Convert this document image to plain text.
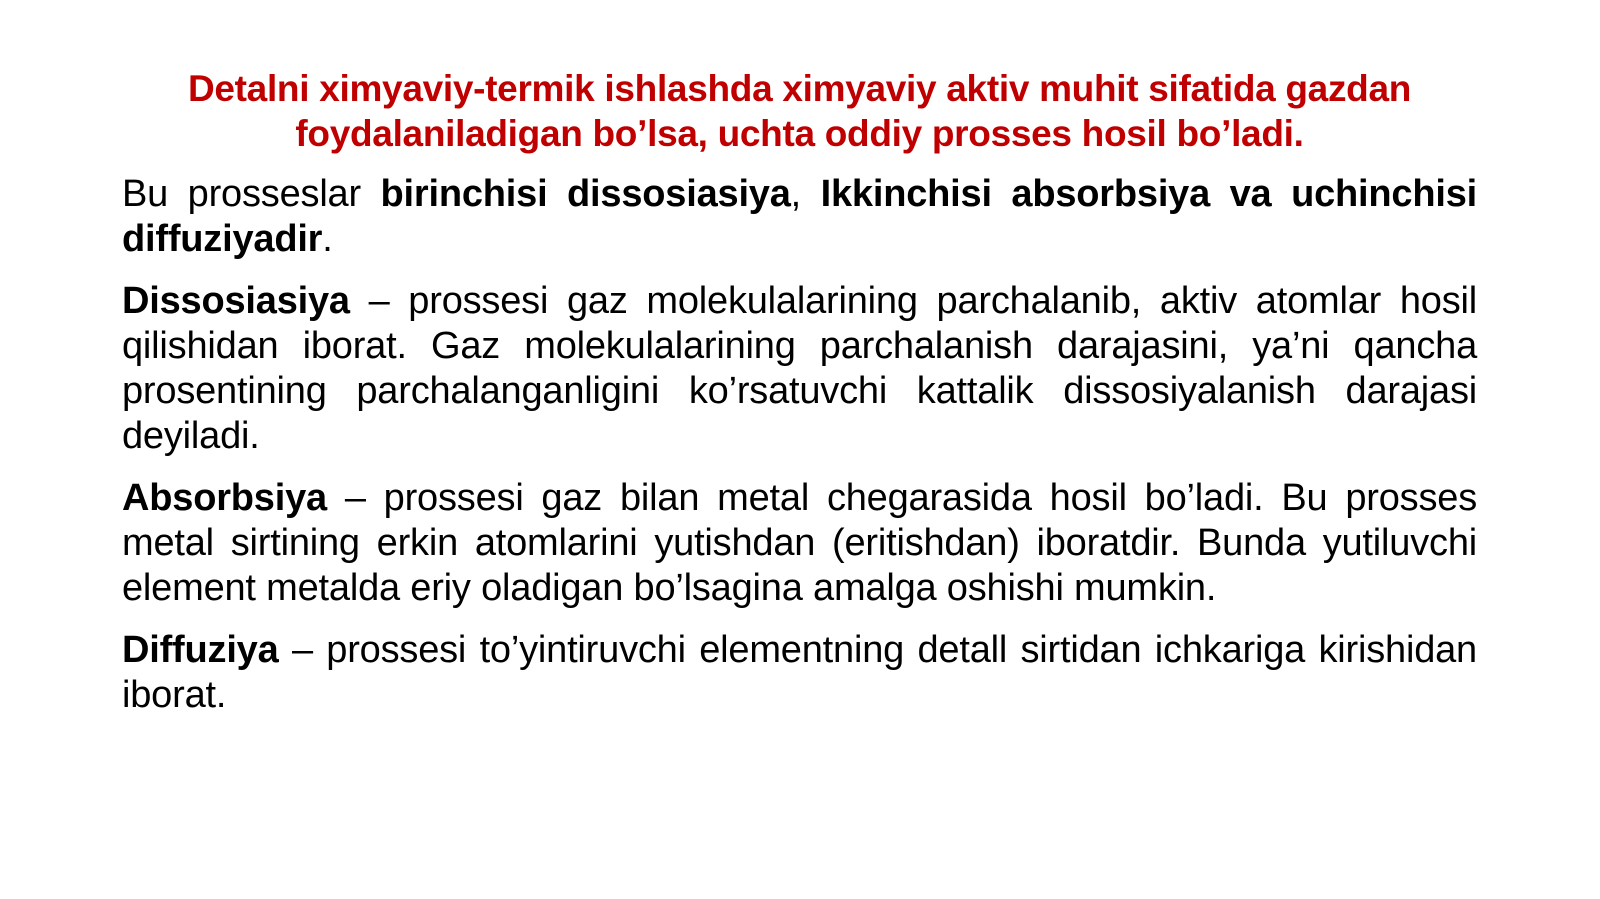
Detalni ximyaviy-termik ishlashda ximyaviy aktiv muhit sifatida gazdan foydalaniladigan bo’lsa, uchta oddiy prosses hosil bo’ladi.
Bu prosseslar birinchisi dissosiasiya, Ikkinchisi absorbsiya va uchinchisi diffuziyadir.
Dissosiasiya – prossesi gaz molekulalarining parchalanib, aktiv atomlar hosil qilishidan iborat. Gaz molekulalarining parchalanish darajasini, ya’ni qancha prosentining parchalanganligini ko’rsatuvchi kattalik dissosiyalanish darajasi deyiladi.
Absorbsiya – prossesi gaz bilan metal chegarasida hosil bo’ladi. Bu prosses metal sirtining erkin atomlarini yutishdan (eritishdan) iboratdir. Bunda yutiluvchi element metalda eriy oladigan bo’lsagina amalga oshishi mumkin.
Diffuziya – prossesi to’yintiruvchi elementning detall sirtidan ichkariga kirishidan iborat.
